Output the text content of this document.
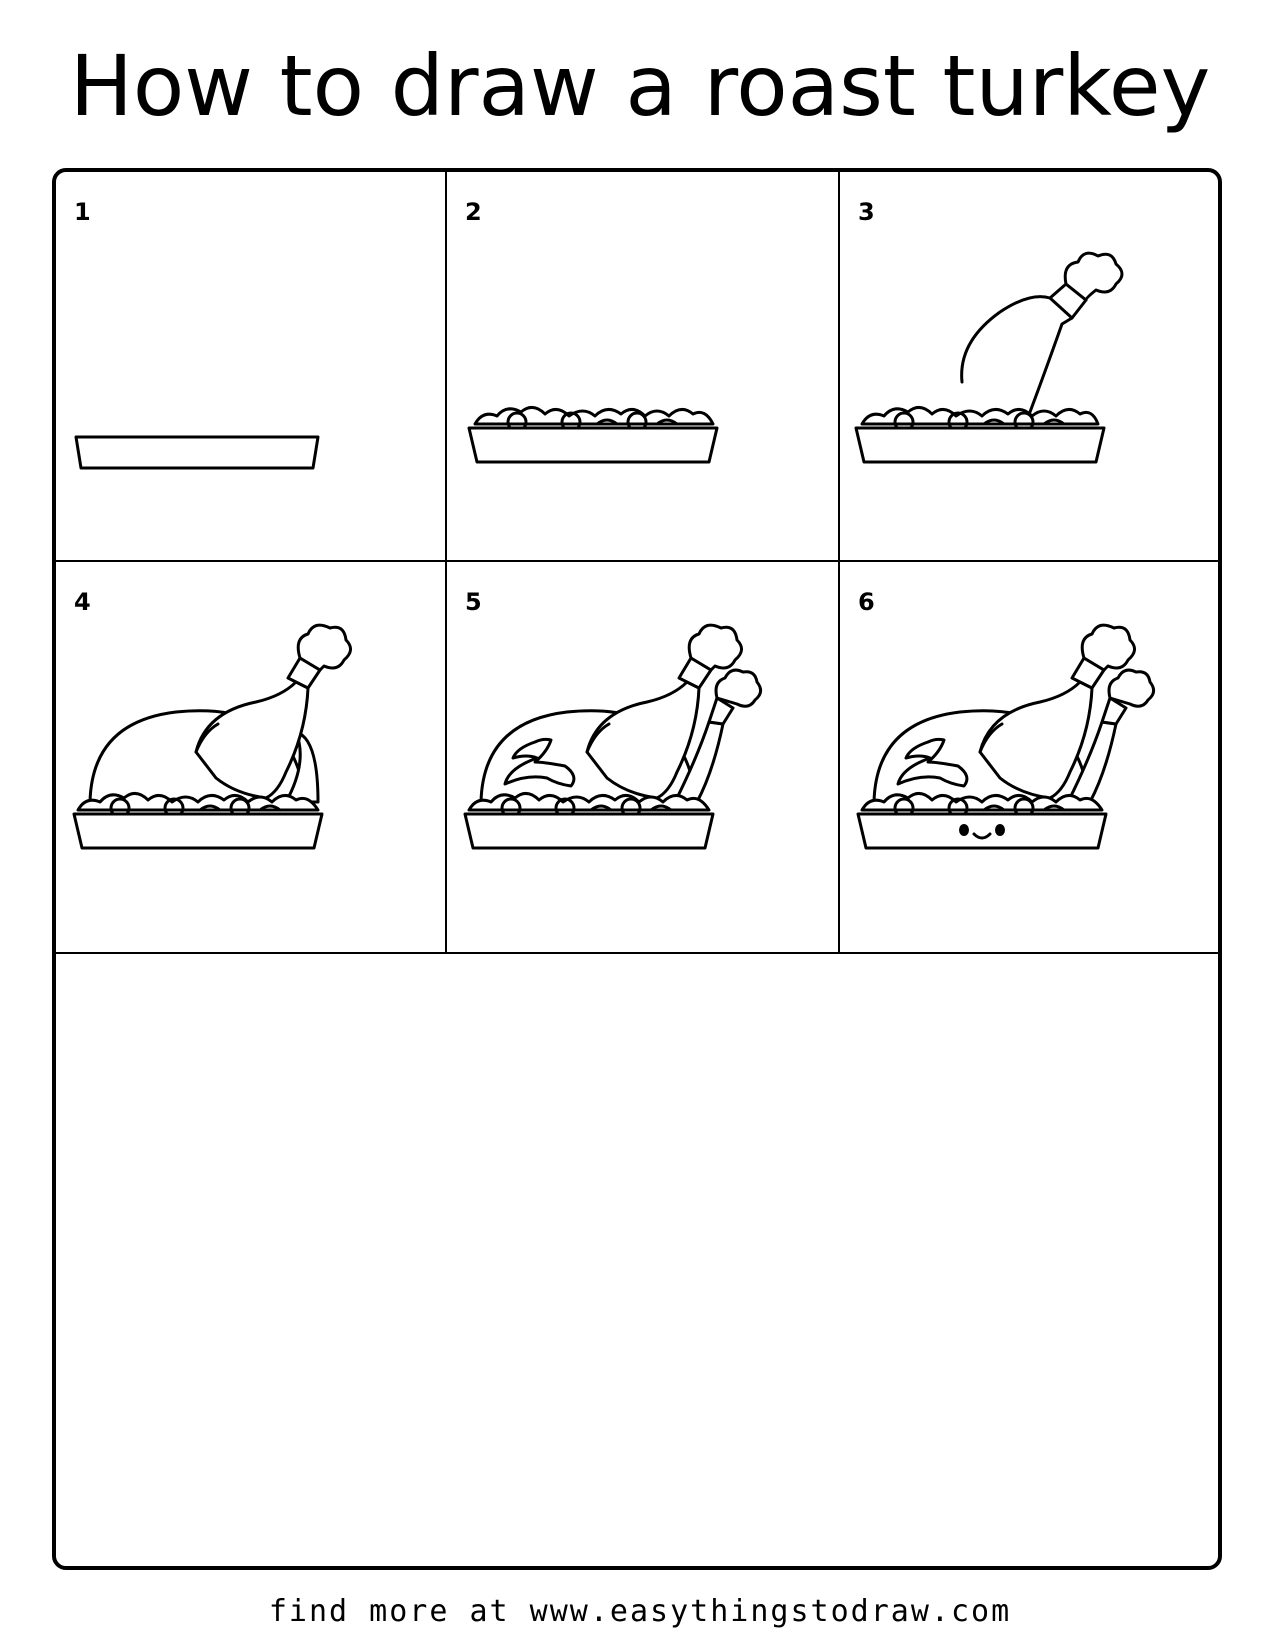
How to draw a roast turkey
1	2	3
4	5	6
find more at www.easythingstodraw.com
